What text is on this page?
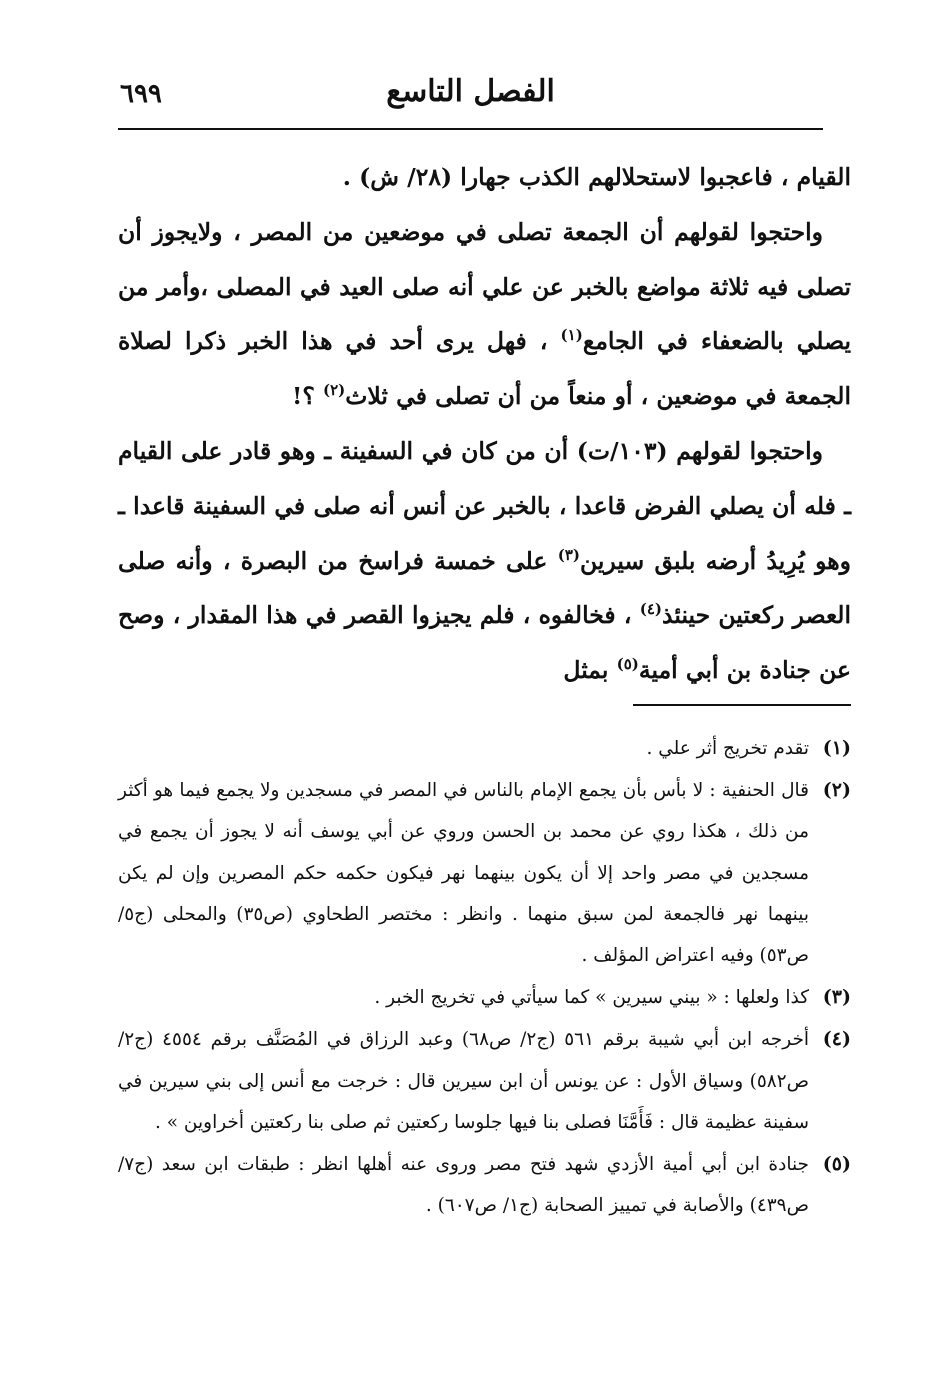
الفصل التاسع
٦٩٩
القيام ، فاعجبوا لاستحلالهم الكذب جهارا (٢٨/ ش) .
واحتجوا لقولهم أن الجمعة تصلى في موضعين من المصر ، ولايجوز أن تصلى فيه ثلاثة مواضع بالخبر عن علي أنه صلى العيد في المصلى ،وأمر من يصلي بالضعفاء في الجامع$^{(١)}$ ، فهل يرى أحد في هذا الخبر ذكرا لصلاة الجمعة في موضعين ، أو منعاً من أن تصلى في ثلاث$^{(٢)}$ ؟!
واحتجوا لقولهم (١٠٣/ت) أن من كان في السفينة ـ وهو قادر على القيام ـ فله أن يصلي الفرض قاعدا ، بالخبر عن أنس أنه صلى في السفينة قاعدا ـ وهو يُرِيدُ أرضه بلبق سيرين$^{(٣)}$ على خمسة فراسخ من البصرة ، وأنه صلى العصر ركعتين حينئذ$^{(٤)}$ ، فخالفوه ، فلم يجيزوا القصر في هذا المقدار ، وصح عن جنادة بن أبي أمية$^{(٥)}$ بمثل
(١)
تقدم تخريج أثر علي .
(٢)
قال الحنفية : لا بأس بأن يجمع الإمام بالناس في المصر في مسجدين ولا يجمع فيما هو أكثر من ذلك ، هكذا روي عن محمد بن الحسن وروي عن أبي يوسف أنه لا يجوز أن يجمع في مسجدين في مصر واحد إلا أن يكون بينهما نهر فيكون حكمه حكم المصرين وإن لم يكن بينهما نهر فالجمعة لمن سبق منهما . وانظر : مختصر الطحاوي (ص٣٥) والمحلى (ج٥/ ص٥٣) وفيه اعتراض المؤلف .
(٣)
كذا ولعلها : « بيني سيرين » كما سيأتي في تخريج الخبر .
(٤)
أخرجه ابن أبي شيبة برقم ٥٦١ (ج٢/ ص٦٨) وعبد الرزاق في المُصَنَّف برقم ٤٥٥٤ (ج٢/ ص٥٨٢) وسياق الأول : عن يونس أن ابن سيرين قال : خرجت مع أنس إلى بني سيرين في سفينة عظيمة قال : فَأَمَّنَا فصلى بنا فيها جلوسا ركعتين ثم صلى بنا ركعتين أخراوين » .
(٥)
جنادة ابن أبي أمية الأزدي شهد فتح مصر وروى عنه أهلها انظر : طبقات ابن سعد (ج٧/ ص٤٣٩) والأصابة في تمييز الصحابة (ج١/ ص٦٠٧) .
